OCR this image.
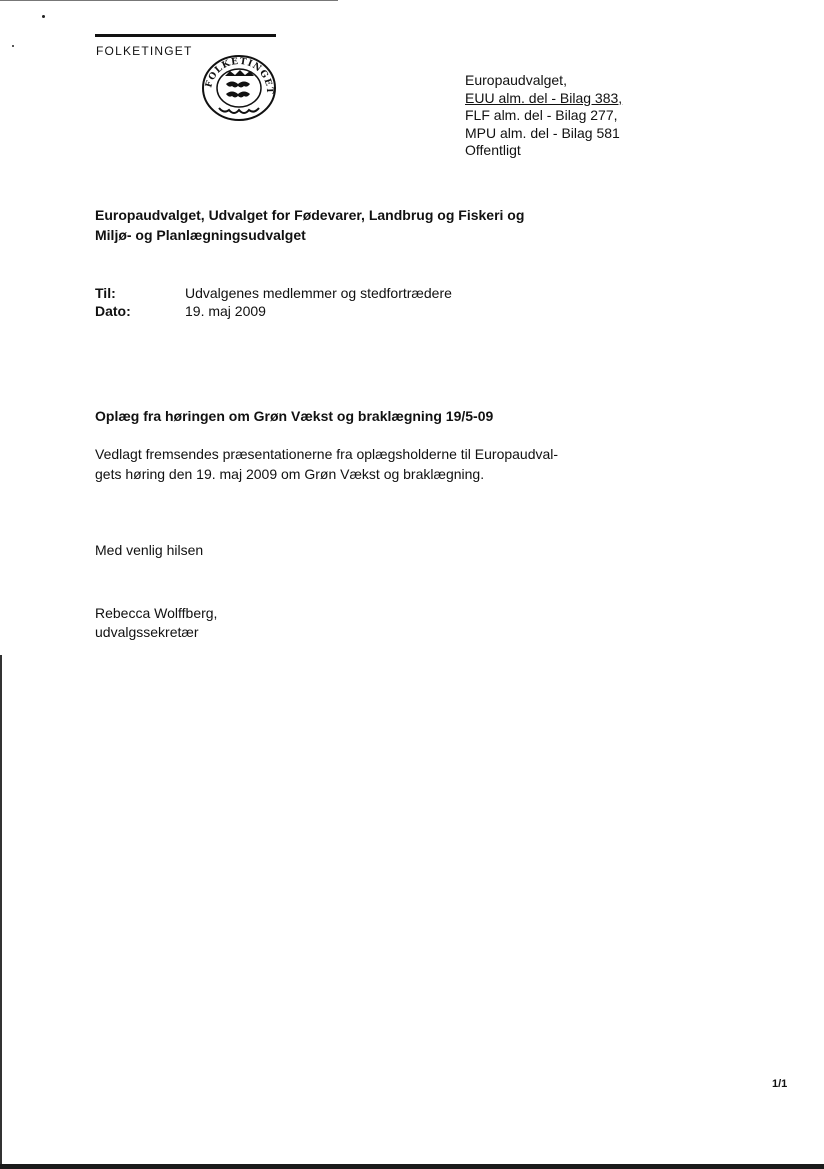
FOLKETINGET
FOLKETINGET
Europaudvalget,
EUU alm. del - Bilag 383,
FLF alm. del - Bilag 277,
MPU alm. del - Bilag 581
Offentligt
Europaudvalget, Udvalget for Fødevarer, Landbrug og Fiskeri og
Miljø- og Planlægningsudvalget
Til:	Udvalgenes medlemmer og stedfortrædere
Dato:	19. maj 2009
Oplæg fra høringen om Grøn Vækst og braklægning 19/5-09
Vedlagt fremsendes præsentationerne fra oplægsholderne til Europaudval-
gets høring den 19. maj 2009 om Grøn Vækst og braklægning.
Med venlig hilsen
Rebecca Wolffberg,
udvalgssekretær
1/1
